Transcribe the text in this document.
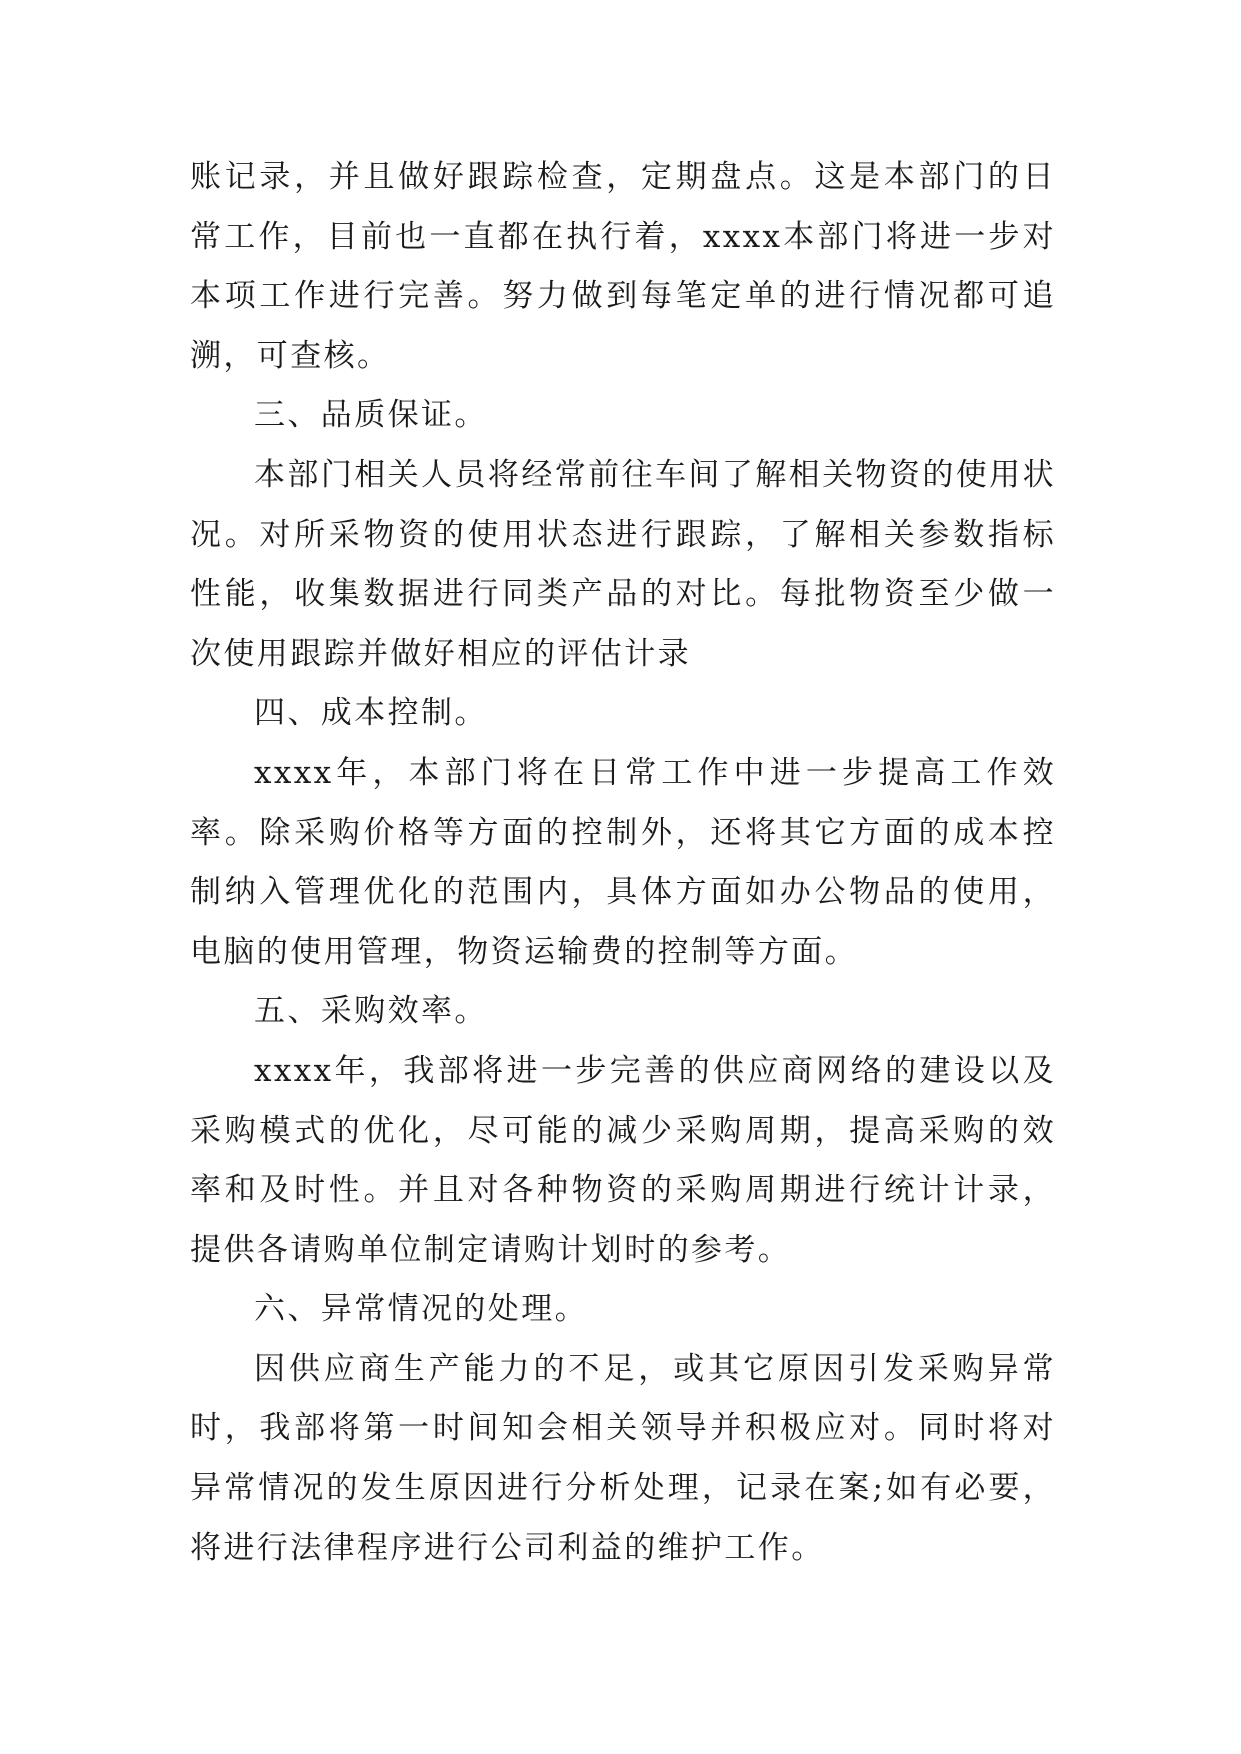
账记录，并且做好跟踪检查，定期盘点。这是本部门的日常工作，目前也一直都在执行着，xxxx本部门将进一步对本项工作进行完善。努力做到每笔定单的进行情况都可追溯，可查核。

三、品质保证。

本部门相关人员将经常前往车间了解相关物资的使用状况。对所采物资的使用状态进行跟踪，了解相关参数指标性能，收集数据进行同类产品的对比。每批物资至少做一次使用跟踪并做好相应的评估计录

四、成本控制。

xxxx年，本部门将在日常工作中进一步提高工作效率。除采购价格等方面的控制外，还将其它方面的成本控制纳入管理优化的范围内，具体方面如办公物品的使用，电脑的使用管理，物资运输费的控制等方面。

五、采购效率。

xxxx年，我部将进一步完善的供应商网络的建设以及采购模式的优化，尽可能的减少采购周期，提高采购的效率和及时性。并且对各种物资的采购周期进行统计计录，提供各请购单位制定请购计划时的参考。

六、异常情况的处理。

因供应商生产能力的不足，或其它原因引发采购异常时，我部将第一时间知会相关领导并积极应对。同时将对异常情况的发生原因进行分析处理，记录在案;如有必要，将进行法律程序进行公司利益的维护工作。
